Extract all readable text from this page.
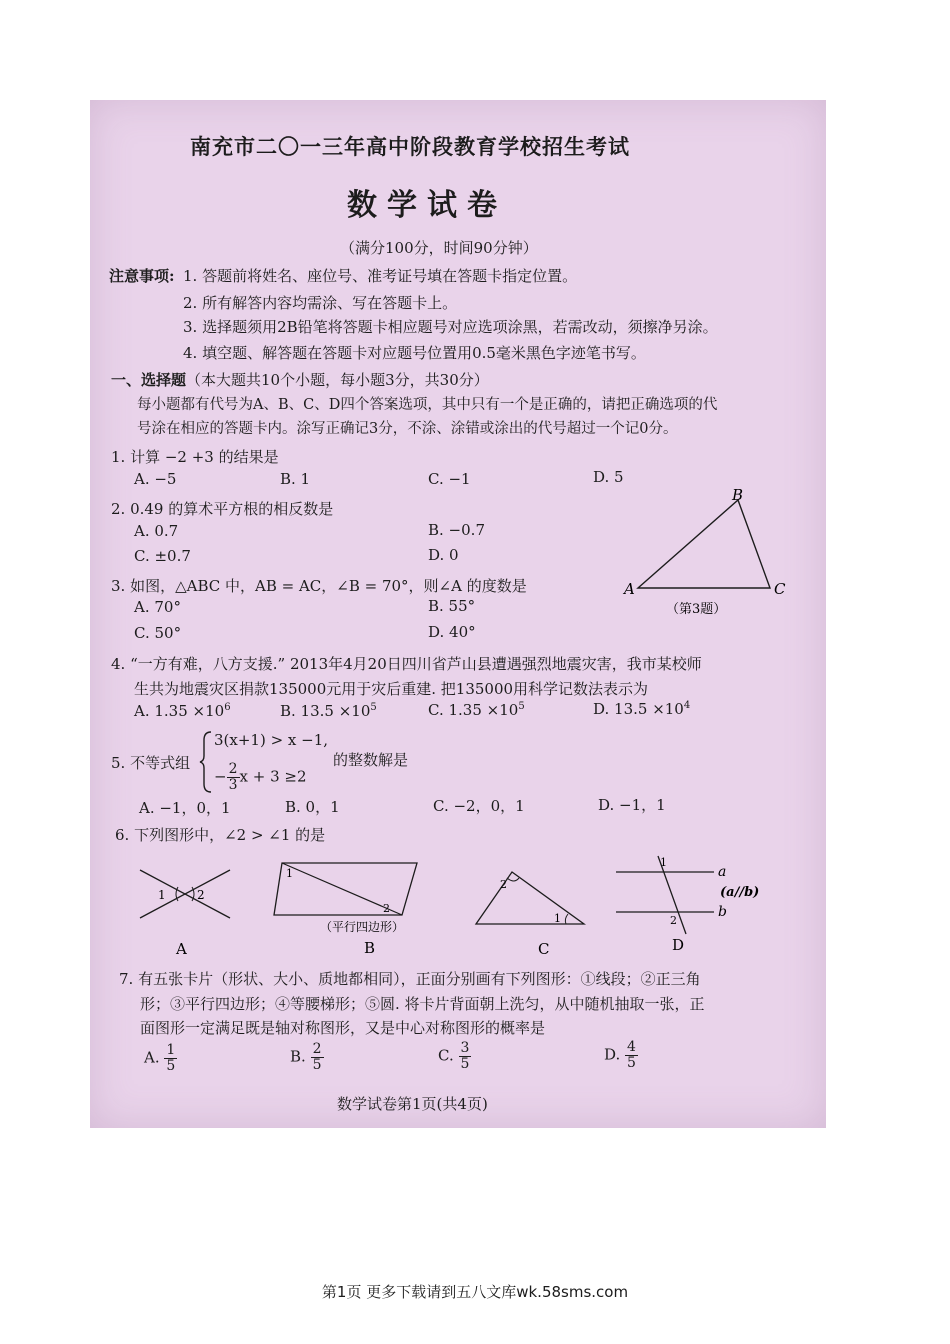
南充市二〇一三年高中阶段教育学校招生考试
数学试卷
（满分100分，时间90分钟）
注意事项: 1. 答题前将姓名、座位号、准考证号填在答题卡指定位置。
2. 所有解答内容均需涂、写在答题卡上。
3. 选择题须用2B铅笔将答题卡相应题号对应选项涂黑，若需改动，须擦净另涂。
4. 填空题、解答题在答题卡对应题号位置用0.5毫米黑色字迹笔书写。
一、选择题（本大题共10个小题，每小题3分，共30分）
每小题都有代号为A、B、C、D四个答案选项，其中只有一个是正确的，请把正确选项的代
号涂在相应的答题卡内。涂写正确记3分，不涂、涂错或涂出的代号超过一个记0分。
1. 计算 −2 +3 的结果是
A. −5	B. 1	C. −1	D. 5
2. 0.49 的算术平方根的相反数是
A. 0.7	B. −0.7
C. ±0.7	D. 0
3. 如图，△ABC 中，AB = AC，∠B = 70°，则∠A 的度数是
A. 70°	B. 55°
C. 50°	D. 40°
A
B
C
（第3题）
4. “一方有难，八方支援.” 2013年4月20日四川省芦山县遭遇强烈地震灾害，我市某校师
生共为地震灾区捐款135000元用于灾后重建. 把135000用科学记数法表示为
A. $1.35 \times 10^6$	B. $13.5 \times 10^5$	C. $1.35 \times 10^5$	D. $13.5 \times 10^4$
5. 不等式组
3(x+1) > x −1,
− $\frac{2}{3}$ x + 3 ≥2
的整数解是
A. −1，0，1	B. 0，1	C. −2，0，1	D. −1，1
6. 下列图形中，∠2 > ∠1 的是
1	2
A
1
2
（平行四边形）
B
2
1
C
1
2
a
b
(a//b)
D
7. 有五张卡片（形状、大小、质地都相同），正面分别画有下列图形：①线段；②正三角
形；③平行四边形；④等腰梯形；⑤圆. 将卡片背面朝上洗匀，从中随机抽取一张，正
面图形一定满足既是轴对称图形，又是中心对称图形的概率是
A. $\frac{1}{5}$	B. $\frac{2}{5}$	C. $\frac{3}{5}$	D. $\frac{4}{5}$
数学试卷第1页(共4页)
第1页 更多下载请到五八文库wk.58sms.com
